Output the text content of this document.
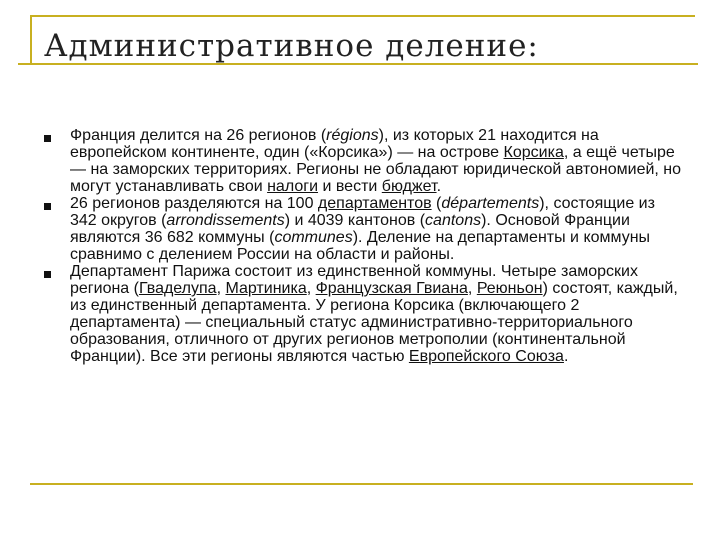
Административное деление:

Франция делится на 26 регионов (régions), из которых 21 находится на европейском континенте, один («Корсика») — на острове Корсика, а ещё четыре — на заморских территориях. Регионы не обладают юридической автономией, но могут устанавливать свои налоги и вести бюджет.

26 регионов разделяются на 100 департаментов (départements), состоящие из 342 округов (arrondissements) и 4039 кантонов (cantons). Основой Франции являются 36 682 коммуны (communes). Деление на департаменты и коммуны сравнимо с делением России на области и районы.

Департамент Парижа состоит из единственной коммуны. Четыре заморских региона (Гваделупа, Мартиника, Французская Гвиана, Реюньон) состоят, каждый, из единственный департамента. У региона Корсика (включающего 2 департамента) — специальный статус административно-территориального образования, отличного от других регионов метрополии (континентальной Франции). Все эти регионы являются частью Европейского Союза.
